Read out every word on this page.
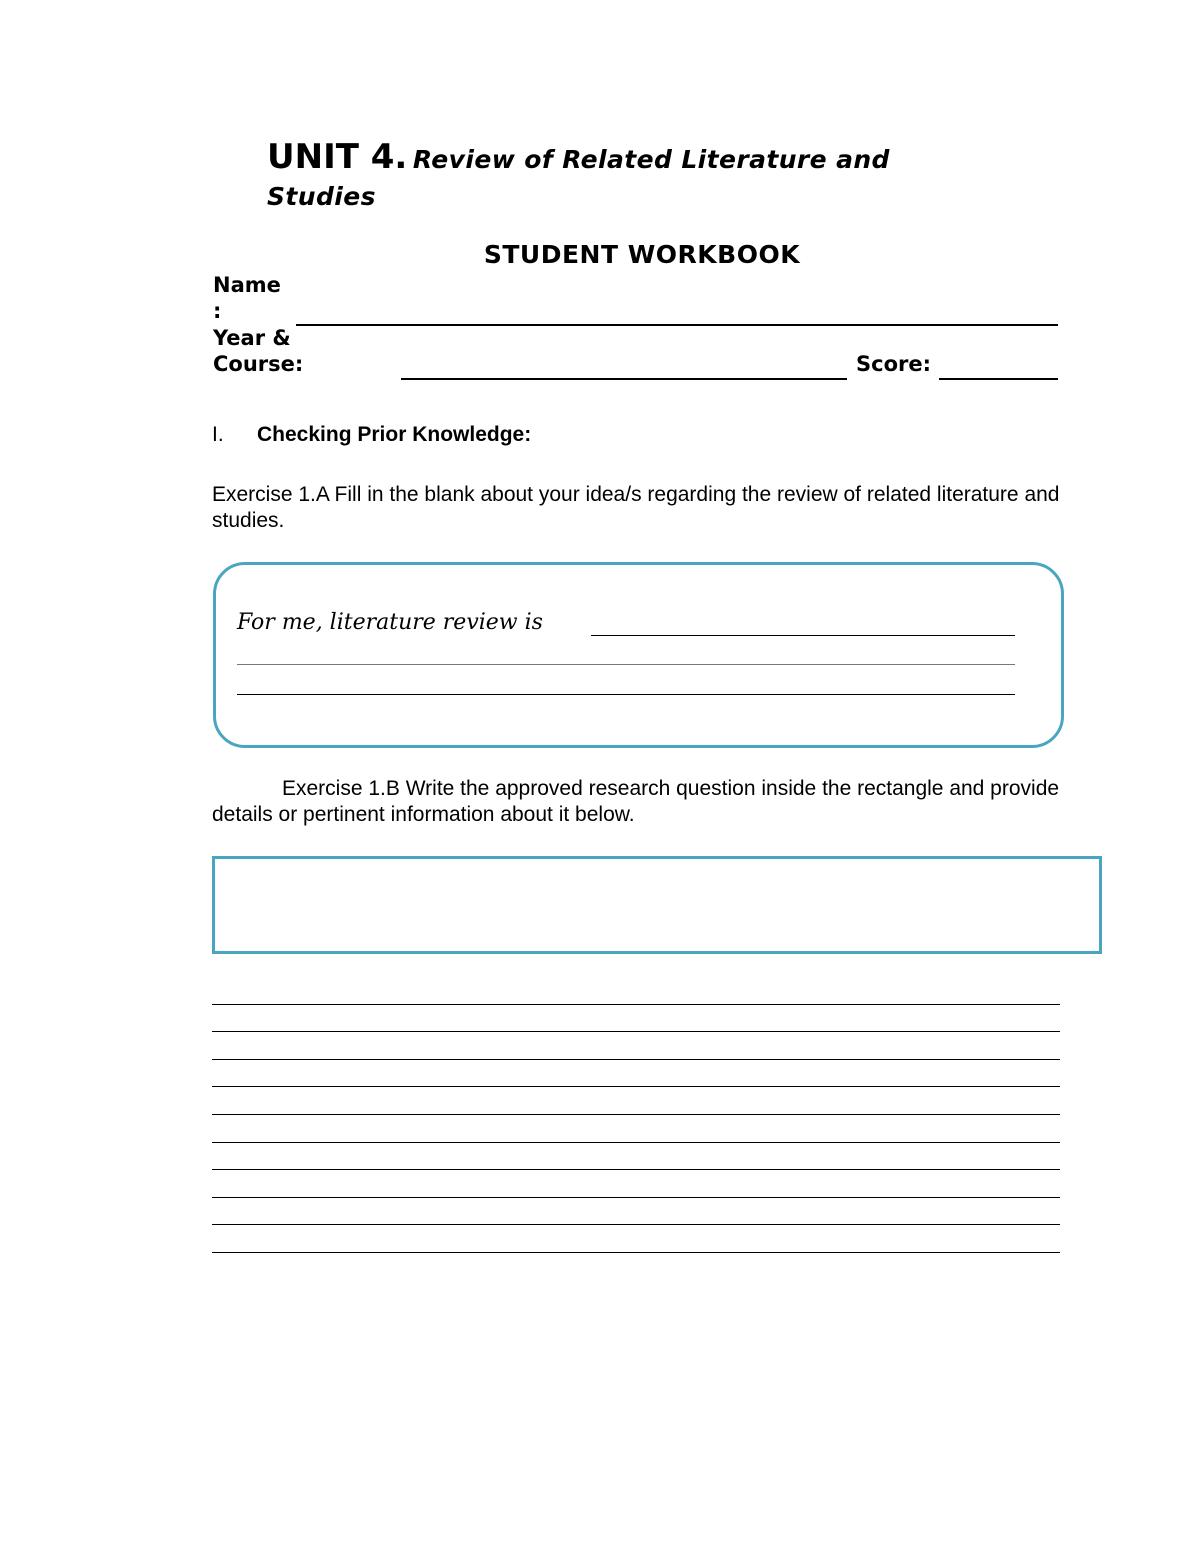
UNIT 4. Review of Related Literature and Studies
STUDENT WORKBOOK
Name
:
Year &
Course:	Score:
I. Checking Prior Knowledge:
Exercise 1.A Fill in the blank about your idea/s regarding the review of related literature and studies.
For me, literature review is
Exercise 1.B Write the approved research question inside the rectangle and provide details or pertinent information about it below.
